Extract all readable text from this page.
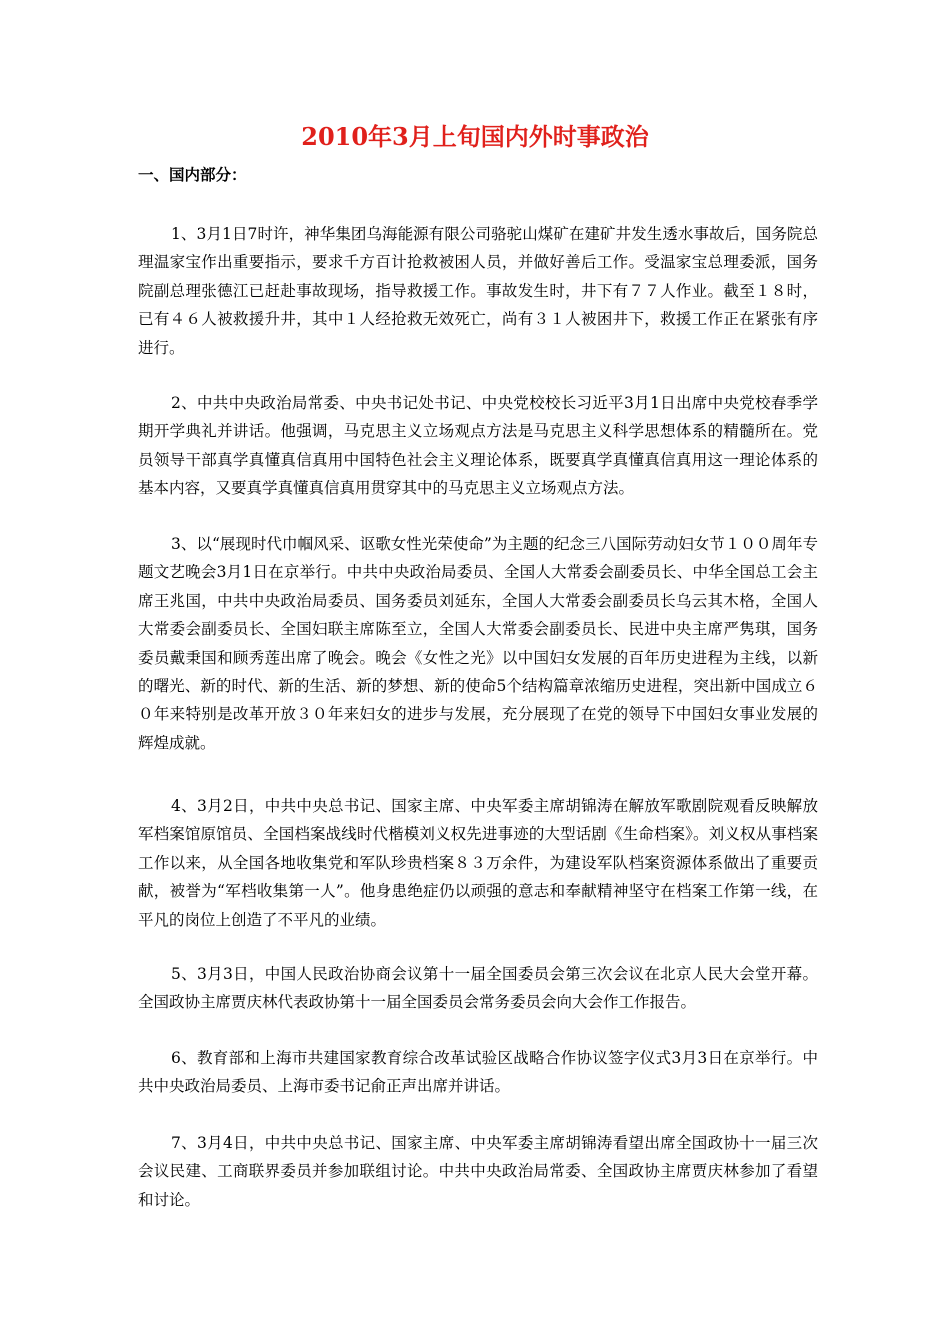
2010年3月上旬国内外时事政治
一、国内部分：

1、3月1日7时许，神华集团乌海能源有限公司骆驼山煤矿在建矿井发生透水事故后，国务院总理温家宝作出重要指示，要求千方百计抢救被困人员，并做好善后工作。受温家宝总理委派，国务院副总理张德江已赶赴事故现场，指导救援工作。事故发生时，井下有７７人作业。截至１８时，已有４６人被救援升井，其中１人经抢救无效死亡，尚有３１人被困井下，救援工作正在紧张有序进行。

2、中共中央政治局常委、中央书记处书记、中央党校校长习近平3月1日出席中央党校春季学期开学典礼并讲话。他强调，马克思主义立场观点方法是马克思主义科学思想体系的精髓所在。党员领导干部真学真懂真信真用中国特色社会主义理论体系，既要真学真懂真信真用这一理论体系的基本内容，又要真学真懂真信真用贯穿其中的马克思主义立场观点方法。

3、以“展现时代巾帼风采、讴歌女性光荣使命”为主题的纪念三八国际劳动妇女节１００周年专题文艺晚会3月1日在京举行。中共中央政治局委员、全国人大常委会副委员长、中华全国总工会主席王兆国，中共中央政治局委员、国务委员刘延东，全国人大常委会副委员长乌云其木格，全国人大常委会副委员长、全国妇联主席陈至立，全国人大常委会副委员长、民进中央主席严隽琪，国务委员戴秉国和顾秀莲出席了晚会。晚会《女性之光》以中国妇女发展的百年历史进程为主线，以新的曙光、新的时代、新的生活、新的梦想、新的使命5个结构篇章浓缩历史进程，突出新中国成立６０年来特别是改革开放３０年来妇女的进步与发展，充分展现了在党的领导下中国妇女事业发展的辉煌成就。

4、3月2日，中共中央总书记、国家主席、中央军委主席胡锦涛在解放军歌剧院观看反映解放军档案馆原馆员、全国档案战线时代楷模刘义权先进事迹的大型话剧《生命档案》。刘义权从事档案工作以来，从全国各地收集党和军队珍贵档案８３万余件，为建设军队档案资源体系做出了重要贡献，被誉为“军档收集第一人”。他身患绝症仍以顽强的意志和奉献精神坚守在档案工作第一线，在平凡的岗位上创造了不平凡的业绩。

5、3月3日，中国人民政治协商会议第十一届全国委员会第三次会议在北京人民大会堂开幕。全国政协主席贾庆林代表政协第十一届全国委员会常务委员会向大会作工作报告。

6、教育部和上海市共建国家教育综合改革试验区战略合作协议签字仪式3月3日在京举行。中共中央政治局委员、上海市委书记俞正声出席并讲话。

7、3月4日，中共中央总书记、国家主席、中央军委主席胡锦涛看望出席全国政协十一届三次会议民建、工商联界委员并参加联组讨论。中共中央政治局常委、全国政协主席贾庆林参加了看望和讨论。
